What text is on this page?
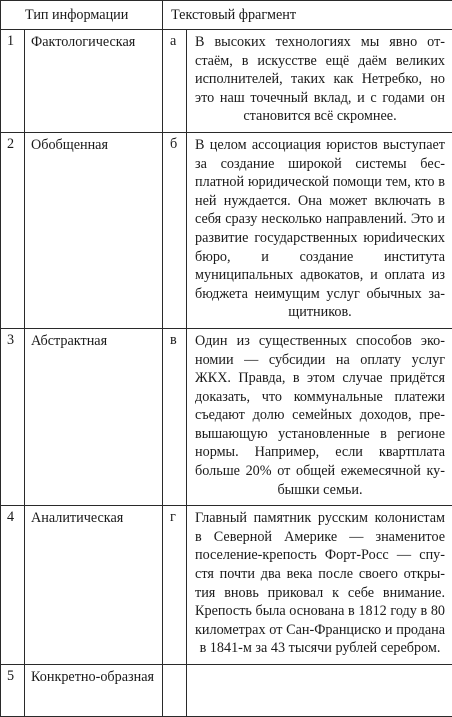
Тип информации		Текстовый фрагмент	
1	Фактологическая	а	В высоких технологиях мы явно отстаём, в искусстве ещё даём великих исполнителей, таких как Нетребко, но это наш точечный вклад, и с годами он становится всё скромнее.
2	Обобщенная	б	В целом ассоциация юристов выступает за создание широкой системы бесплатной юридической помощи тем, кто в ней нуждается. Она может включать в себя сразу несколько направлений. Это и развитие государственных юриdических бюро, и создание института муниципальных адвокатов, и оплата из бюджета неимущим услуг обычных защитников.
3	Абстрактная	в	Один из существенных способов экономии — субсидии на оплату услуг ЖКХ. Правда, в этом случае придётся доказать, что коммунальные платежи съедают долю семейных доходов, превышающую установленные в регионе нормы. Например, если квартплата больше 20% от общей ежемесячной кубышки семьи.
4	Аналитическая	г	Главный памятник русским колонистам в Северной Америке — знаменитое поселение-крепость Форт-Росс — спустя почти два века после своего открытия вновь приковал к себе внимание. Крепость была основана в 1812 году в 80 километрах от Сан-Франциско и продана в 1841-м за 43 тысячи рублей серебром.
5	Конкретно-образная		
